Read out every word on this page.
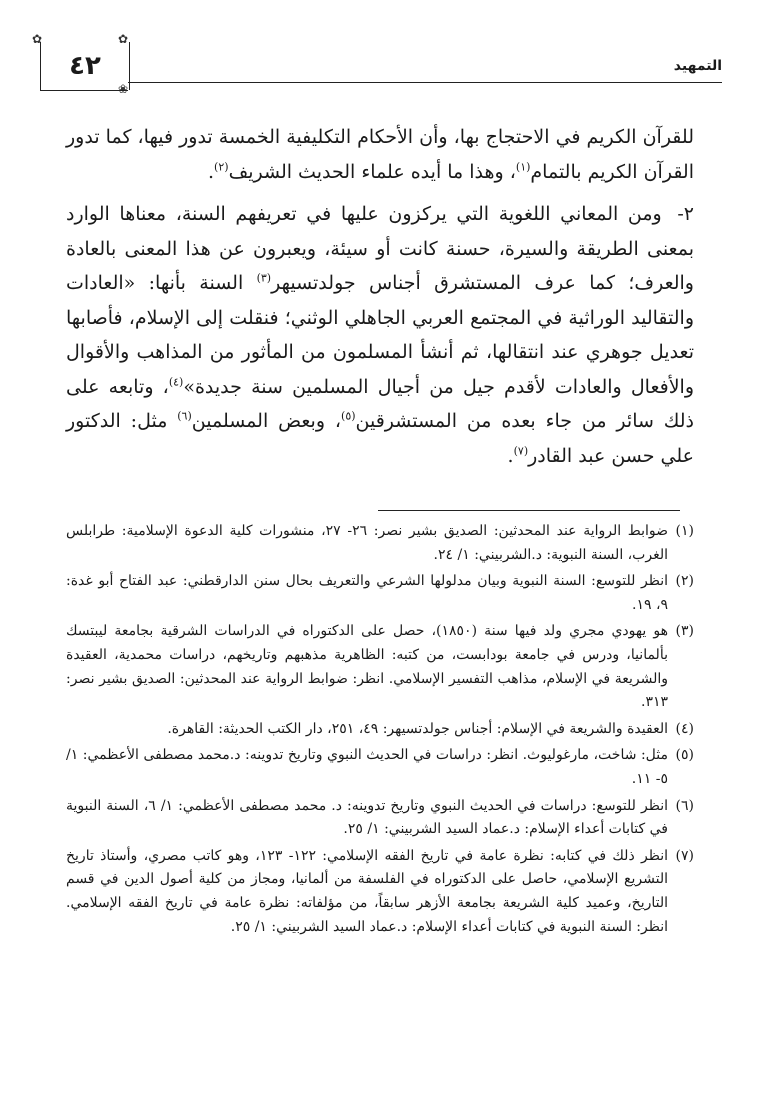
٤٢
✿	✿
❀
التمهيد

للقرآن الكريم في الاحتجاج بها، وأن الأحكام التكليفية الخمسة تدور فيها، كما تدور القرآن الكريم بالتمام$^{(١)}$، وهذا ما أيده علماء الحديث الشريف$^{(٢)}$.

٢- ومن المعاني اللغوية التي يركزون عليها في تعريفهم السنة، معناها الوارد بمعنى الطريقة والسيرة، حسنة كانت أو سيئة، ويعبرون عن هذا المعنى بالعادة والعرف؛ كما عرف المستشرق أجناس جولدتسيهر$^{(٣)}$ السنة بأنها: «العادات والتقاليد الوراثية في المجتمع العربي الجاهلي الوثني؛ فنقلت إلى الإسلام، فأصابها تعديل جوهري عند انتقالها، ثم أنشأ المسلمون من المأثور من المذاهب والأقوال والأفعال والعادات لأقدم جيل من أجيال المسلمين سنة جديدة»$^{(٤)}$، وتابعه على ذلك سائر من جاء بعده من المستشرقين$^{(٥)}$، وبعض المسلمين$^{(٦)}$ مثل: الدكتور علي حسن عبد القادر$^{(٧)}$.

(١)
ضوابط الرواية عند المحدثين: الصديق بشير نصر: ٢٦- ٢٧، منشورات كلية الدعوة الإسلامية: طرابلس الغرب، السنة النبوية: د.الشربيني: ١/ ٢٤.
(٢)
انظر للتوسع: السنة النبوية وبيان مدلولها الشرعي والتعريف بحال سنن الدارقطني: عبد الفتاح أبو غدة: ٩، ١٩.
(٣)
هو يهودي مجري ولد فيها سنة (١٨٥٠)، حصل على الدكتوراه في الدراسات الشرقية بجامعة ليبتسك بألمانيا، ودرس في جامعة بودابست، من كتبه: الظاهرية مذهبهم وتاريخهم، دراسات محمدية، العقيدة والشريعة في الإسلام، مذاهب التفسير الإسلامي. انظر: ضوابط الرواية عند المحدثين: الصديق بشير نصر: ٣١٣.
(٤)
العقيدة والشريعة في الإسلام: أجناس جولدتسيهر: ٤٩، ٢٥١، دار الكتب الحديثة: القاهرة.
(٥)
مثل: شاخت، مارغوليوث. انظر: دراسات في الحديث النبوي وتاريخ تدوينه: د.محمد مصطفى الأعظمي: ١/ ٥- ١١.
(٦)
انظر للتوسع: دراسات في الحديث النبوي وتاريخ تدوينه: د. محمد مصطفى الأعظمي: ١/ ٦، السنة النبوية في كتابات أعداء الإسلام: د.عماد السيد الشربيني: ١/ ٢٥.
(٧)
انظر ذلك في كتابه: نظرة عامة في تاريخ الفقه الإسلامي: ١٢٢- ١٢٣، وهو كاتب مصري، وأستاذ تاريخ التشريع الإسلامي، حاصل على الدكتوراه في الفلسفة من ألمانيا، ومجاز من كلية أصول الدين في قسم التاريخ، وعميد كلية الشريعة بجامعة الأزهر سابقاً، من مؤلفاته: نظرة عامة في تاريخ الفقه الإسلامي. انظر: السنة النبوية في كتابات أعداء الإسلام: د.عماد السيد الشربيني: ١/ ٢٥.
